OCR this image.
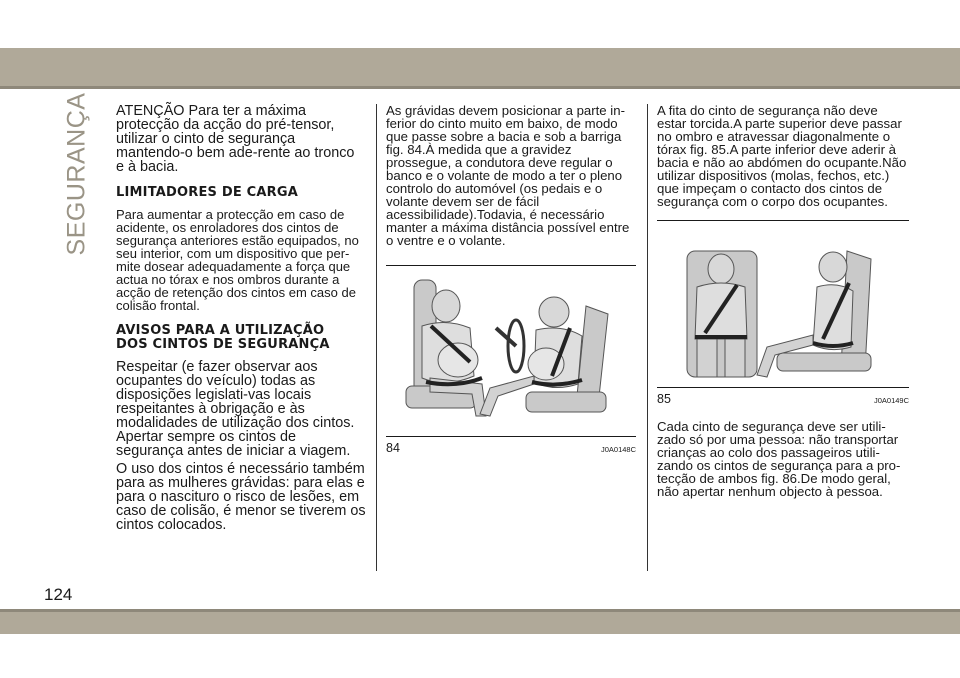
SEGURANÇA ATENÇÃO Para ter a máxima protecção da acção do pré-tensor, utilizar o cinto de segurança mantendo-o bem ade-rente ao tronco e à bacia.

LIMITADORES DE CARGA

Para aumentar a protecção em caso de acidente, os enroladores dos cintos de segurança anteriores estão equipados, no seu interior, com um dispositivo que per-mite dosear adequadamente a força que actua no tórax e nos ombros durante a acção de retenção dos cintos em caso de colisão frontal.

AVISOS PARA A UTILIZAÇÃO
DOS CINTOS DE SEGURANÇA

Respeitar (e fazer observar aos ocupantes do veículo) todas as disposições legislati-vas locais respeitantes à obrigação e às modalidades de utilização dos cintos. Apertar sempre os cintos de segurança antes de iniciar a viagem.

O uso dos cintos é necessário também para as mulheres grávidas: para elas e para o nascituro o risco de lesões, em caso de colisão, é menor se tiverem os cintos colocados.

As grávidas devem posicionar a parte in-ferior do cinto muito em baixo, de modo que passe sobre a bacia e sob a barriga fig. 84.À medida que a gravidez prossegue, a condutora deve regular o banco e o volante de modo a ter o pleno controlo do automóvel (os pedais e o volante devem ser de fácil acessibilidade).Todavia, é necessário manter a máxima distância possível entre o ventre e o volante.

84	J0A0148C

A fita do cinto de segurança não deve estar torcida.A parte superior deve passar no ombro e atravessar diagonalmente o tórax fig. 85.A parte inferior deve aderir à bacia e não ao abdómen do ocupante.Não utilizar dispositivos (molas, fechos, etc.) que impeçam o contacto dos cintos de segurança com o corpo dos ocupantes.

85	J0A0149C

Cada cinto de segurança deve ser utili-zado só por uma pessoa: não transportar crianças ao colo dos passageiros utili-zando os cintos de segurança para a pro-tecção de ambos fig. 86.De modo geral, não apertar nenhum objecto à pessoa.

124
